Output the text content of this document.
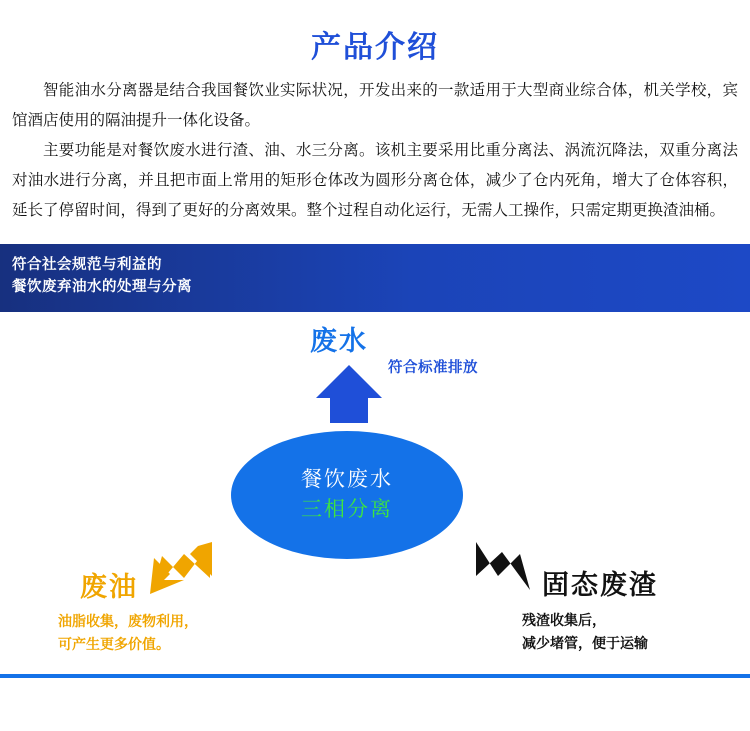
产品介绍

智能油水分离器是结合我国餐饮业实际状况，开发出来的一款适用于大型商业综合体，机关学校，宾馆酒店使用的隔油提升一体化设备。

主要功能是对餐饮废水进行渣、油、水三分离。该机主要采用比重分离法、涡流沉降法，双重分离法对油水进行分离，并且把市面上常用的矩形仓体改为圆形分离仓体，减少了仓内死角，增大了仓体容积，延长了停留时间，得到了更好的分离效果。整个过程自动化运行，无需人工操作，只需定期更换渣油桶。

符合社会规范与利益的
餐饮废弃油水的处理与分离
废水
符合标准排放
餐饮废水
三相分离
废油
油脂收集，废物利用，
可产生更多价值。
固态废渣
残渣收集后，
减少堵管，便于运输
